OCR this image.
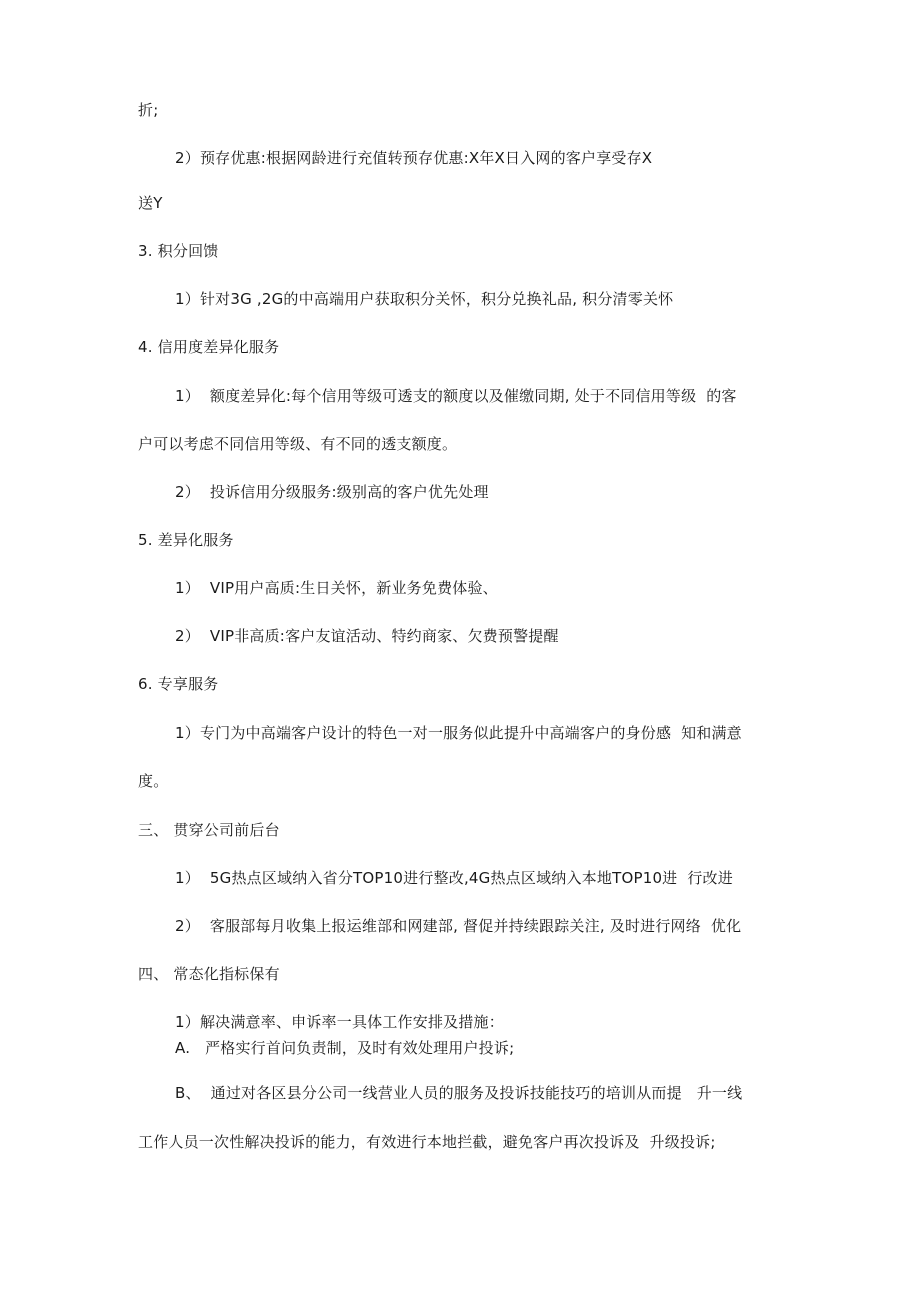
折;
2）预存优惠:根据网龄进行充值转预存优惠:X年X日入网的客户享受存X
送Y
3. 积分回馈
1）针对3G ,2G的中高端用户获取积分关怀，积分兑换礼品, 积分清零关怀
4. 信用度差异化服务
1）  额度差异化:每个信用等级可透支的额度以及催缴同期, 处于不同信用等级  的客
户可以考虑不同信用等级、有不同的透支额度。
2）  投诉信用分级服务:级别高的客户优先处理
5. 差异化服务
1）  VIP用户高质:生日关怀，新业务免费体验、
2）  VIP非高质:客户友谊活动、特约商家、欠费预警提醒
6. 专享服务
1）专门为中高端客户设计的特色一对一服务似此提升中高端客户的身份感  知和满意
度。
三、 贯穿公司前后台
1）  5G热点区域纳入省分TOP10进行整改,4G热点区域纳入本地TOP10进  行改进
2）  客服部每月收集上报运维部和网建部, 督促并持续跟踪关注, 及时进行网络  优化
四、 常态化指标保有
1）解决满意率、申诉率一具体工作安排及措施：
A.   严格实行首问负责制，及时有效处理用户投诉;
B、  通过对各区县分公司一线营业人员的服务及投诉技能技巧的培训从而提   升一线
工作人员一次性解决投诉的能力，有效进行本地拦截，避免客户再次投诉及  升级投诉;
